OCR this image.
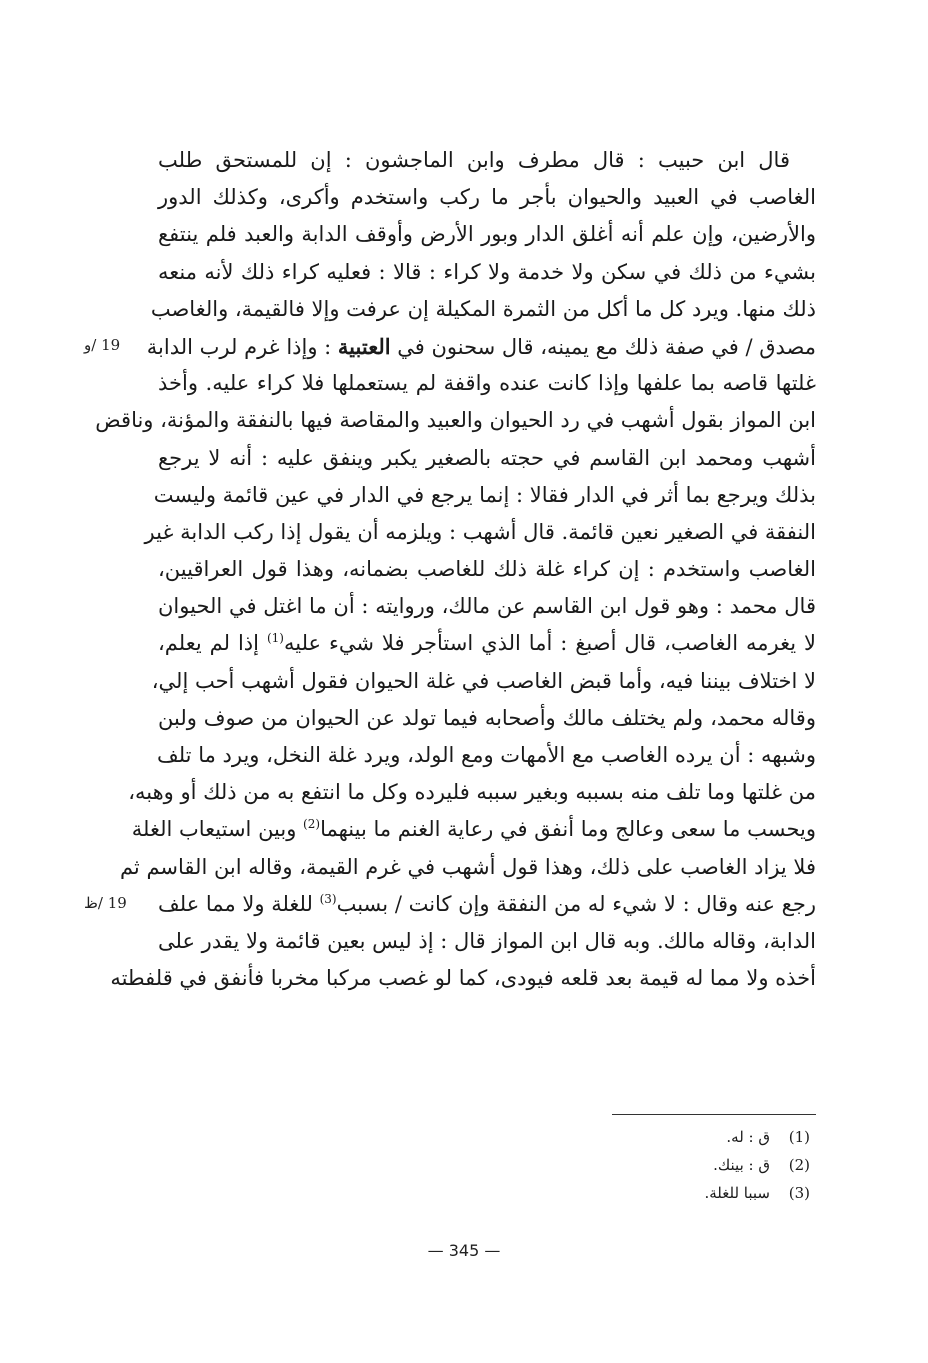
قال ابن حبيب : قال مطرف وابن الماجشون : إن للمستحق طلب
الغاصب في العبيد والحيوان بأجر ما ركب واستخدم وأكرى، وكذلك الدور
والأرضين، وإن علم أنه أغلق الدار وبور الأرض وأوقف الدابة والعبد فلم ينتفع
بشيء من ذلك في سكن ولا خدمة ولا كراء : قالا : فعليه كراء ذلك لأنه منعه
ذلك منها. ويرد كل ما أكل من الثمرة المكيلة إن عرفت وإلا فالقيمة، والغاصب
مصدق / في صفة ذلك مع يمينه، قال سحنون في العتبية : وإذا غرم لرب الدابة
غلتها قاصه بما علفها وإذا كانت عنده واقفة لم يستعملها فلا كراء عليه. وأخذ
ابن المواز بقول أشهب في رد الحيوان والعبيد والمقاصة فيها بالنفقة والمؤنة، وناقض
أشهب ومحمد ابن القاسم في حجته بالصغير يكبر وينفق عليه : أنه لا يرجع
بذلك ويرجع بما أثر في الدار فقالا : إنما يرجع في الدار في عين قائمة وليست
النفقة في الصغير نعين قائمة. قال أشهب : ويلزمه أن يقول إذا ركب الدابة غير
الغاصب واستخدم : إن كراء غلة ذلك للغاصب بضمانه، وهذا قول العراقيين،
قال محمد : وهو قول ابن القاسم عن مالك، وروايته : أن ما اغتل في الحيوان
لا يغرمه الغاصب، قال أصبغ : أما الذي استأجر فلا شيء عليه$^{(1)}$ إذا لم يعلم،
لا اختلاف بيننا فيه، وأما قبض الغاصب في غلة الحيوان فقول أشهب أحب إلي،
وقاله محمد، ولم يختلف مالك وأصحابه فيما تولد عن الحيوان من صوف ولبن
وشبهه : أن يرده الغاصب مع الأمهات ومع الولد، ويرد غلة النخل، ويرد ما تلف
من غلتها وما تلف منه بسببه وبغير سببه فليرده وكل ما انتفع به من ذلك أو وهبه،
ويحسب ما سعى وعالج وما أنفق في رعاية الغنم ما بينهما$^{(2)}$ وبين استيعاب الغلة
فلا يزاد الغاصب على ذلك، وهذا قول أشهب في غرم القيمة، وقاله ابن القاسم ثم
رجع عنه وقال : لا شيء له من النفقة وإن كانت / بسبب$^{(3)}$ للغلة ولا مما علف
الدابة، وقاله مالك. وبه قال ابن المواز قال : إذ ليس بعين قائمة ولا يقدر على
أخذه ولا مما له قيمة بعد قلعه فيودى، كما لو غصب مركبا مخربا فأنفق في قلفطته
19 /و
19 /ظ
(1)ق : له.
(2)ق : بينك.
(3)سببا للغلة.
— 345 —
